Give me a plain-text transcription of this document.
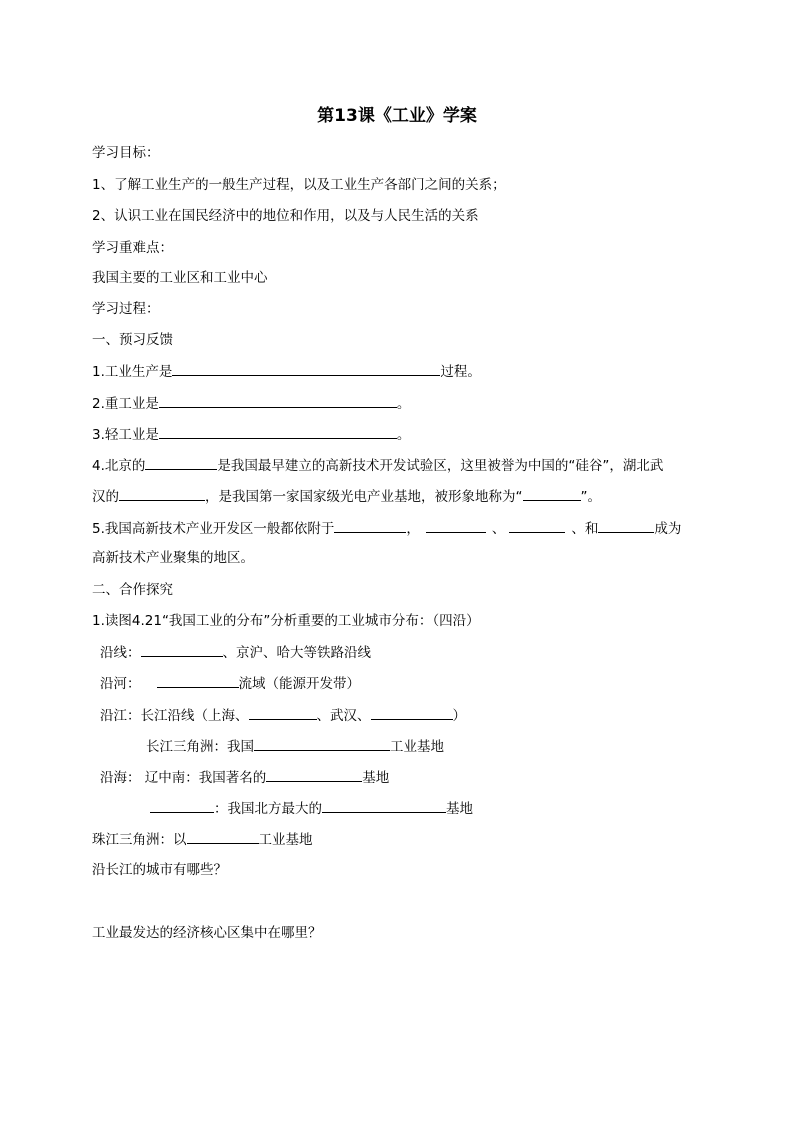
第13课《工业》学案
学习目标：
1、了解工业生产的一般生产过程，以及工业生产各部门之间的关系；
2、认识工业在国民经济中的地位和作用，以及与人民生活的关系
学习重难点：
我国主要的工业区和工业中心
学习过程：
一、预习反馈
1.工业生产是	过程。
2.重工业是	。
3.轻工业是	。
4.北京的	是我国最早建立的高新技术开发试验区，这里被誉为中国的“硅谷”，湖北武
汉的	，是我国第一家国家级光电产业基地，被形象地称为“	”。
5.我国高新技术产业开发区一般都依附于	，	、	、和	成为
高新技术产业聚集的地区。
二、合作探究
1.读图4.21“我国工业的分布”分析重要的工业城市分布：（四沿）
沿线：	、京沪、哈大等铁路沿线
沿河：	流域（能源开发带）
沿江：长江沿线（上海、	、武汉、	）
长江三角洲：我国	工业基地
沿海： 辽中南：我国著名的	基地
：我国北方最大的	基地
珠江三角洲：以	工业基地
沿长江的城市有哪些？
工业最发达的经济核心区集中在哪里？
